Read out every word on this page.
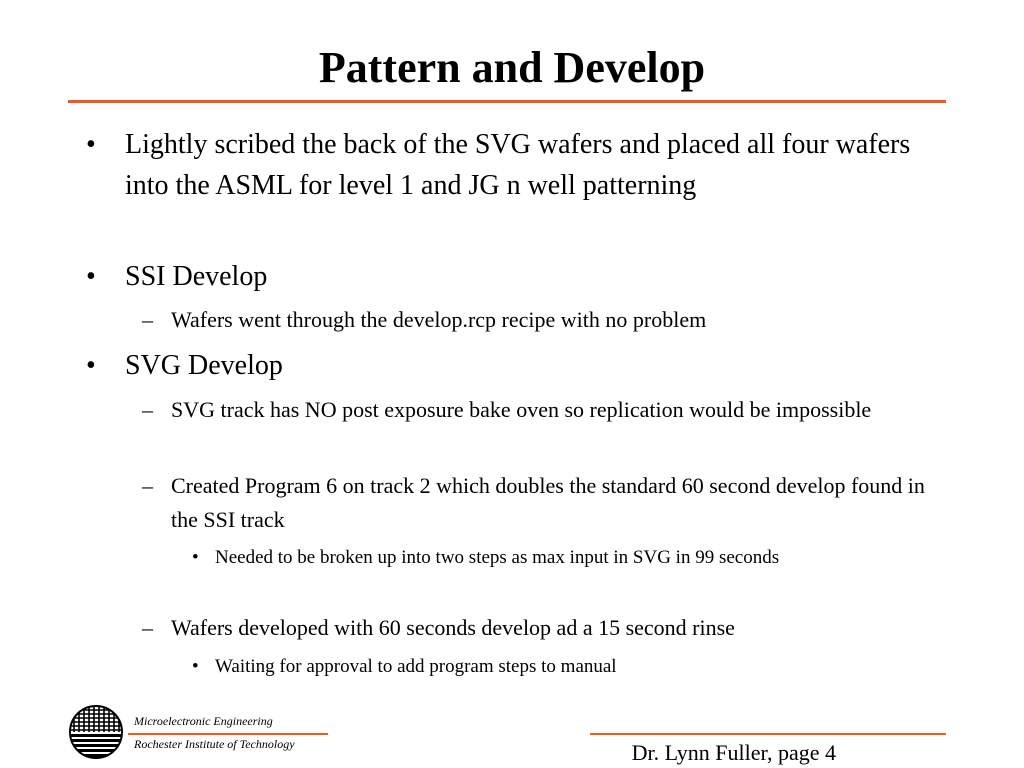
Pattern and Develop
• Lightly scribed the back of the SVG wafers and placed all four wafers into the ASML for level 1 and JG n well patterning

• SSI Develop

– Wafers went through the develop.rcp recipe with no problem

• SVG Develop

– SVG track has NO post exposure bake oven so replication would be impossible

– Created Program 6 on track 2 which doubles the standard 60 second develop found in the SSI track

• Needed to be broken up into two steps as max input in SVG in 99 seconds

– Wafers developed with 60 seconds develop ad a 15 second rinse

• Waiting for approval to add program steps to manual

Microelectronic Engineering
Rochester Institute of Technology	Dr. Lynn Fuller, page 4
